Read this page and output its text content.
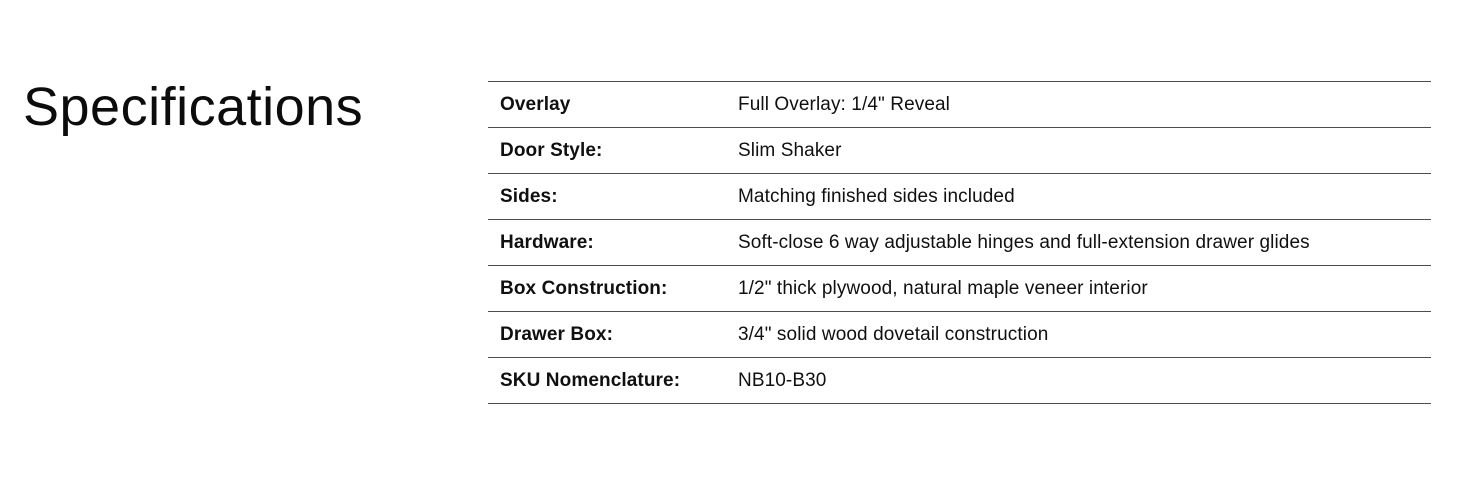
Specifications	Overlay	Full Overlay: 1/4" Reveal
Door Style:	Slim Shaker
Sides:	Matching finished sides included
Hardware:	Soft-close 6 way adjustable hinges and full-extension drawer glides
Box Construction:	1/2" thick plywood, natural maple veneer interior
Drawer Box:	3/4" solid wood dovetail construction
SKU Nomenclature:	NB10-B30
